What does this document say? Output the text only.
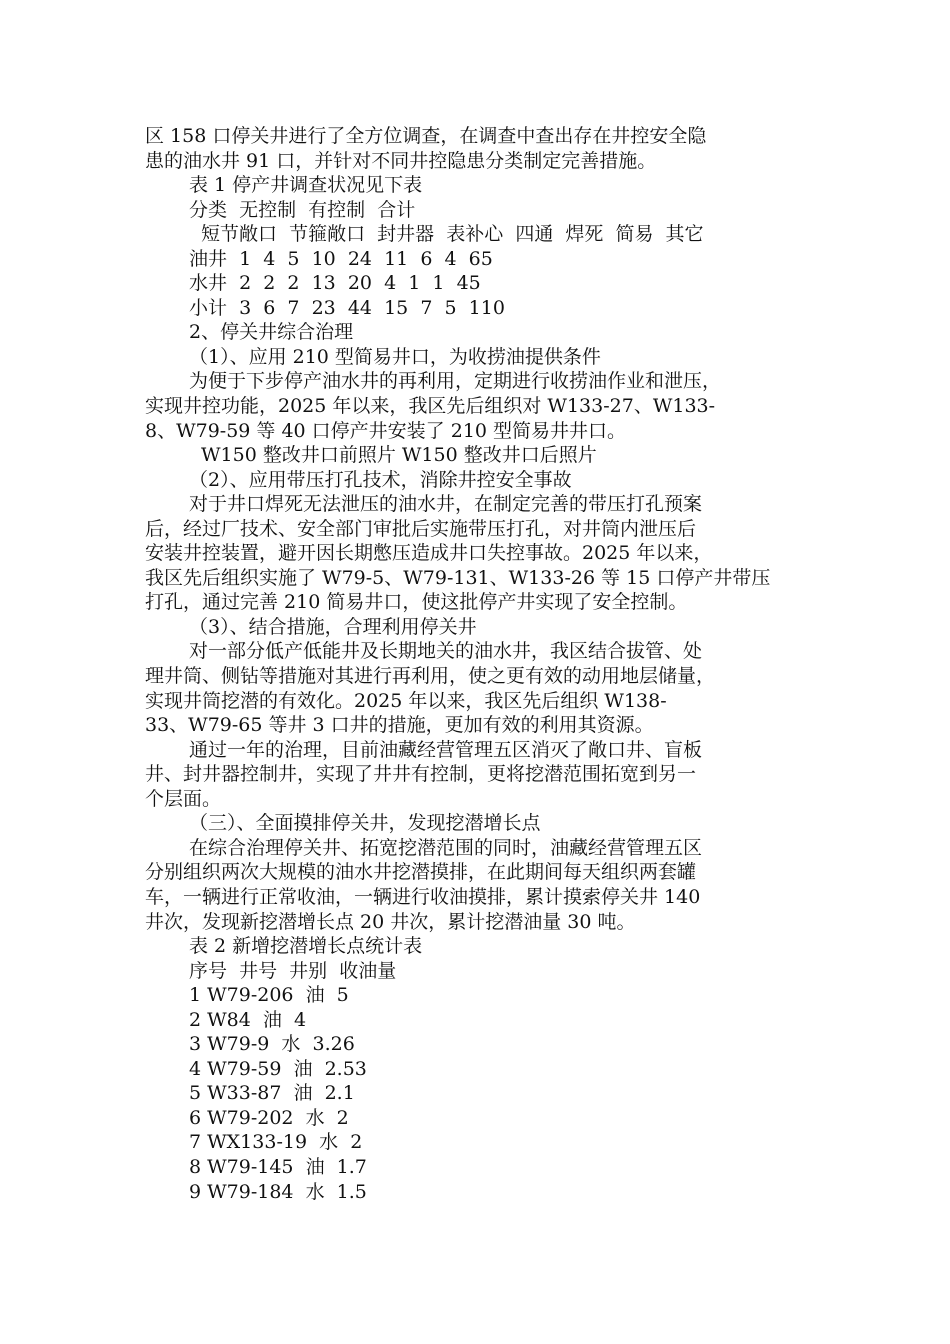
区 158 口停关井进行了全方位调查，在调查中查出存在井控安全隐
患的油水井 91 口，并针对不同井控隐患分类制定完善措施。
表 1 停产井调查状况见下表
分类  无控制  有控制  合计
短节敞口  节箍敞口  封井器  表补心  四通  焊死  简易  其它
油井  1  4  5  10  24  11  6  4  65
水井  2  2  2  13  20  4  1  1  45
小计  3  6  7  23  44  15  7  5  110
2、停关井综合治理
（1）、应用 210 型简易井口，为收捞油提供条件
为便于下步停产油水井的再利用，定期进行收捞油作业和泄压，
实现井控功能，2025 年以来，我区先后组织对 W133-27、W133-
8、W79-59 等 40 口停产井安装了 210 型简易井井口。
W150 整改井口前照片 W150 整改井口后照片
（2）、应用带压打孔技术，消除井控安全事故
对于井口焊死无法泄压的油水井，在制定完善的带压打孔预案
后，经过厂技术、安全部门审批后实施带压打孔，对井筒内泄压后
安装井控装置，避开因长期憋压造成井口失控事故。2025 年以来，
我区先后组织实施了 W79-5、W79-131、W133-26 等 15 口停产井带压
打孔，通过完善 210 简易井口，使这批停产井实现了安全控制。
（3）、结合措施，合理利用停关井
对一部分低产低能井及长期地关的油水井，我区结合拔管、处
理井筒、侧钻等措施对其进行再利用，使之更有效的动用地层储量，
实现井筒挖潜的有效化。2025 年以来，我区先后组织 W138-
33、W79-65 等井 3 口井的措施，更加有效的利用其资源。
通过一年的治理，目前油藏经营管理五区消灭了敞口井、盲板
井、封井器控制井，实现了井井有控制，更将挖潜范围拓宽到另一
个层面。
（三）、全面摸排停关井，发现挖潜增长点
在综合治理停关井、拓宽挖潜范围的同时，油藏经营管理五区
分别组织两次大规模的油水井挖潜摸排，在此期间每天组织两套罐
车，一辆进行正常收油，一辆进行收油摸排，累计摸索停关井 140
井次，发现新挖潜增长点 20 井次，累计挖潜油量 30 吨。
表 2 新增挖潜增长点统计表
序号  井号  井别  收油量
1 W79-206  油  5
2 W84  油  4
3 W79-9  水  3.26
4 W79-59  油  2.53
5 W33-87  油  2.1
6 W79-202  水  2
7 WX133-19  水  2
8 W79-145  油  1.7
9 W79-184  水  1.5
